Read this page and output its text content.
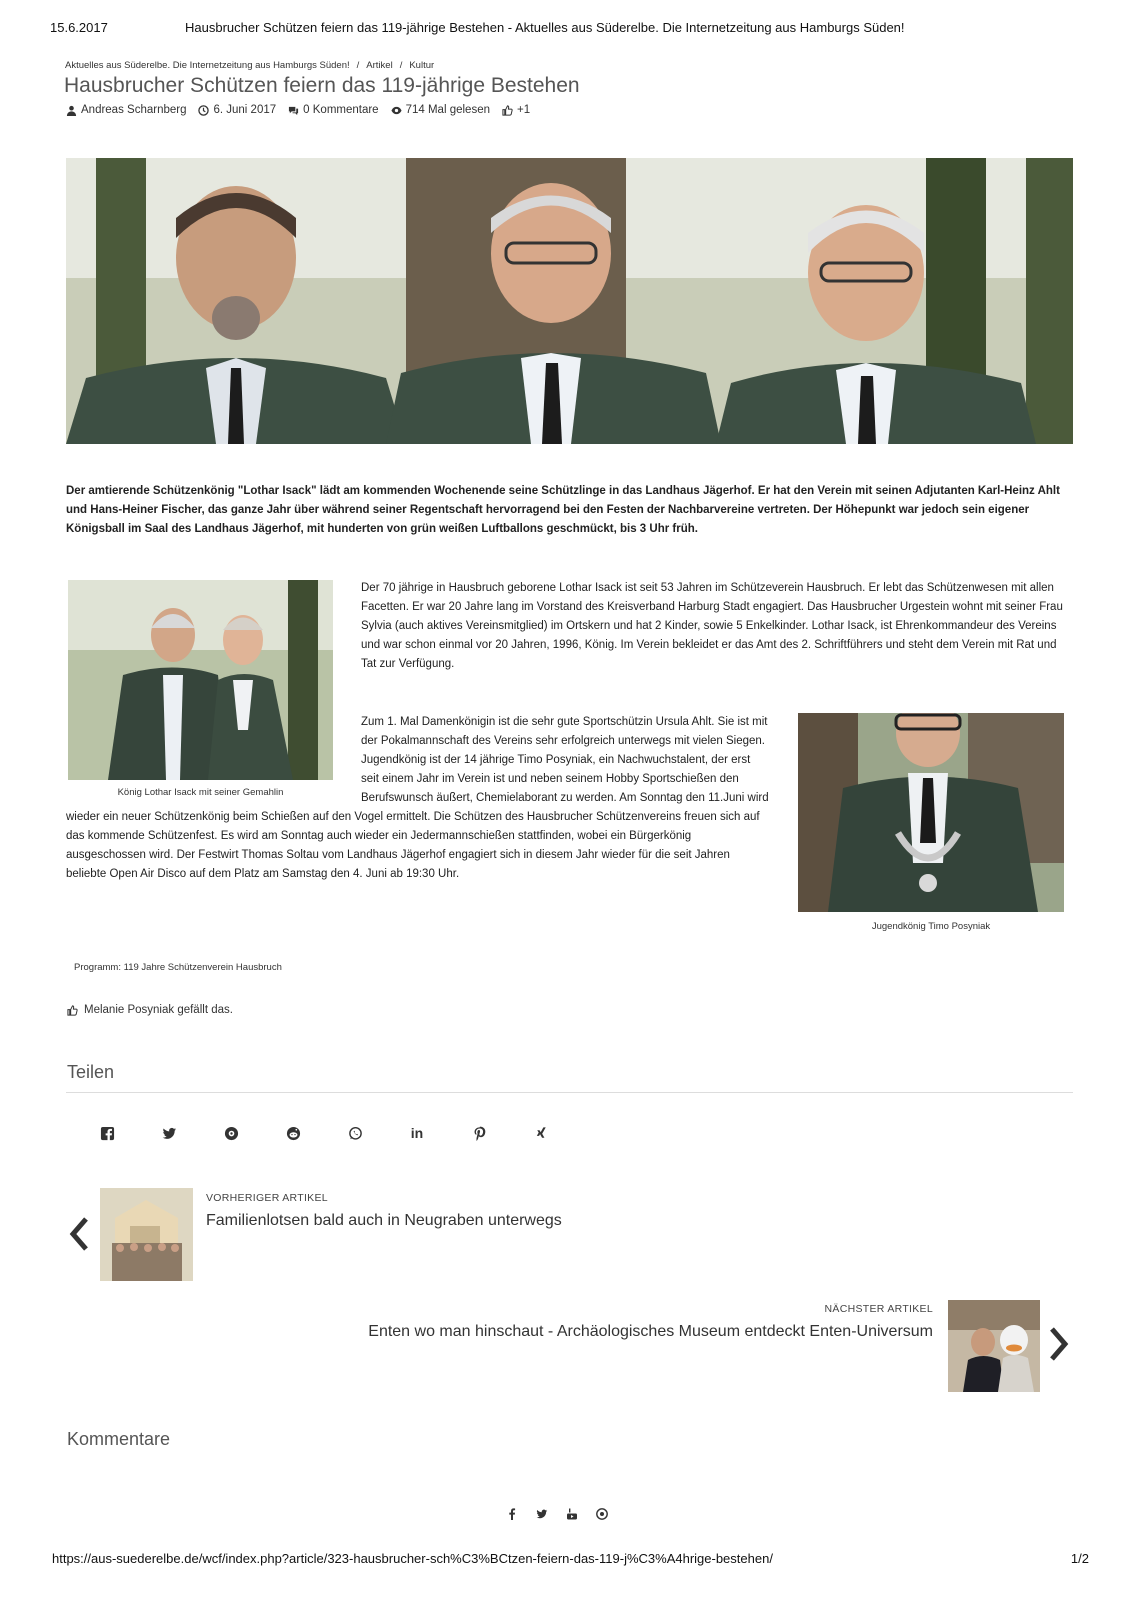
15.6.2017	Hausbrucher Schützen feiern das 119-jährige Bestehen - Aktuelles aus Süderelbe. Die Internetzeitung aus Hamburgs Süden!
Aktuelles aus Süderelbe. Die Internetzeitung aus Hamburgs Süden! / Artikel / Kultur
Hausbrucher Schützen feiern das 119-jährige Bestehen
Andreas Scharnberg 6. Juni 2017 0 Kommentare 714 Mal gelesen +1

Der amtierende Schützenkönig "Lothar Isack" lädt am kommenden Wochenende seine Schützlinge in das Landhaus Jägerhof. Er hat den Verein mit seinen Adjutanten Karl-Heinz Ahlt und Hans-Heiner Fischer, das ganze Jahr über während seiner Regentschaft hervorragend bei den Festen der Nachbarvereine vertreten. Der Höhepunkt war jedoch sein eigener Königsball im Saal des Landhaus Jägerhof, mit hunderten von grün weißen Luftballons geschmückt, bis 3 Uhr früh.

König Lothar Isack mit seiner Gemahlin

Der 70 jährige in Hausbruch geborene Lothar Isack ist seit 53 Jahren im Schützeverein Hausbruch. Er lebt das Schützenwesen mit allen Facetten. Er war 20 Jahre lang im Vorstand des Kreisverband Harburg Stadt engagiert. Das Hausbrucher Urgestein wohnt mit seiner Frau Sylvia (auch aktives Vereinsmitglied) im Ortskern und hat 2 Kinder, sowie 5 Enkelkinder. Lothar Isack, ist Ehrenkommandeur des Vereins und war schon einmal vor 20 Jahren, 1996, König. Im Verein bekleidet er das Amt des 2. Schriftführers und steht dem Verein mit Rat und Tat zur Verfügung.

Zum 1. Mal Damenkönigin ist die sehr gute Sportschützin Ursula Ahlt. Sie ist mit der Pokalmannschaft des Vereins sehr erfolgreich unterwegs mit vielen Siegen. Jugendkönig ist der 14 jährige Timo Posyniak, ein Nachwuchstalent, der erst seit einem Jahr im Verein ist und neben seinem Hobby Sportschießen den Berufswunsch äußert, Chemielaborant zu werden. Am Sonntag den 11.Juni wird

wieder ein neuer Schützenkönig beim Schießen auf den Vogel ermittelt. Die Schützen des Hausbrucher Schützenvereins freuen sich auf das kommende Schützenfest. Es wird am Sonntag auch wieder ein Jedermannschießen stattfinden, wobei ein Bürgerkönig ausgeschossen wird. Der Festwirt Thomas Soltau vom Landhaus Jägerhof engagiert sich in diesem Jahr wieder für die seit Jahren beliebte Open Air Disco auf dem Platz am Samstag den 4. Juni ab 19:30 Uhr.

Jugendkönig Timo Posyniak
Programm: 119 Jahre Schützenverein Hausbruch
Melanie Posyniak gefällt das.
Teilen
in
VORHERIGER ARTIKEL
Familienlotsen bald auch in Neugraben unterwegs
NÄCHSTER ARTIKEL
Enten wo man hinschaut - Archäologisches Museum entdeckt Enten-Universum
Kommentare
https://aus-suederelbe.de/wcf/index.php?article/323-hausbrucher-sch%C3%BCtzen-feiern-das-119-j%C3%A4hrige-bestehen/	1/2
